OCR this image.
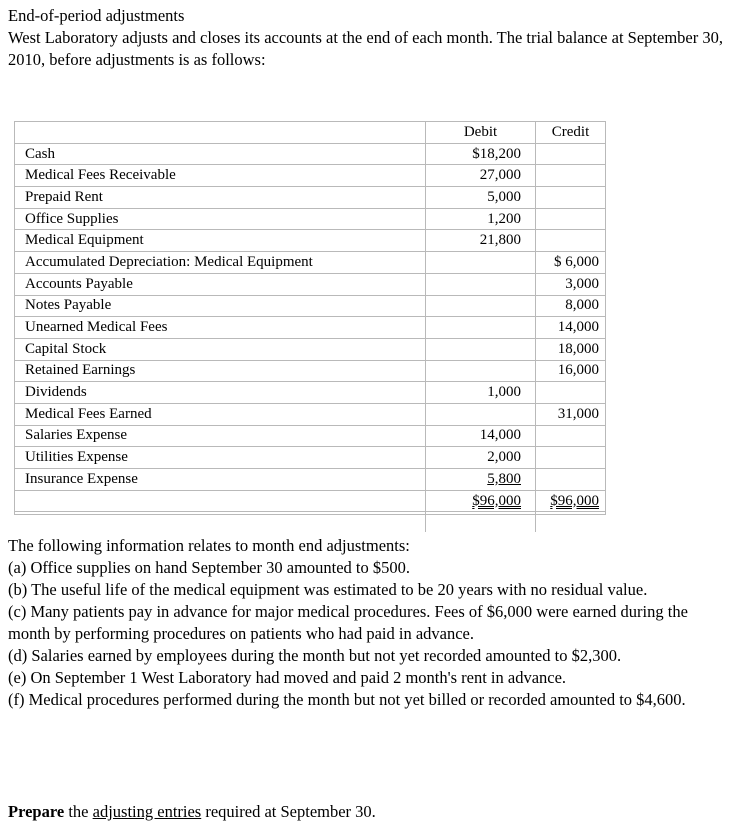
End-of-period adjustments

West Laboratory adjusts and closes its accounts at the end of each month. The trial balance at September 30, 2010, before adjustments is as follows:

	Debit	Credit
Cash	$18,200	
Medical Fees Receivable	27,000	
Prepaid Rent	5,000	
Office Supplies	1,200	
Medical Equipment	21,800	
Accumulated Depreciation: Medical Equipment		$ 6,000
Accounts Payable		3,000
Notes Payable		8,000
Unearned Medical Fees		14,000
Capital Stock		18,000
Retained Earnings		16,000
Dividends	1,000	
Medical Fees Earned		31,000
Salaries Expense	14,000	
Utilities Expense	2,000	
Insurance Expense	5,800	
	$96,000	$96,000

The following information relates to month end adjustments:

(a) Office supplies on hand September 30 amounted to $500.

(b) The useful life of the medical equipment was estimated to be 20 years with no residual value.

(c) Many patients pay in advance for major medical procedures. Fees of $6,000 were earned during the month by performing procedures on patients who had paid in advance.

(d) Salaries earned by employees during the month but not yet recorded amounted to $2,300.

(e) On September 1 West Laboratory had moved and paid 2 month's rent in advance.

(f) Medical procedures performed during the month but not yet billed or recorded amounted to $4,600.

Prepare the adjusting entries required at September 30.
